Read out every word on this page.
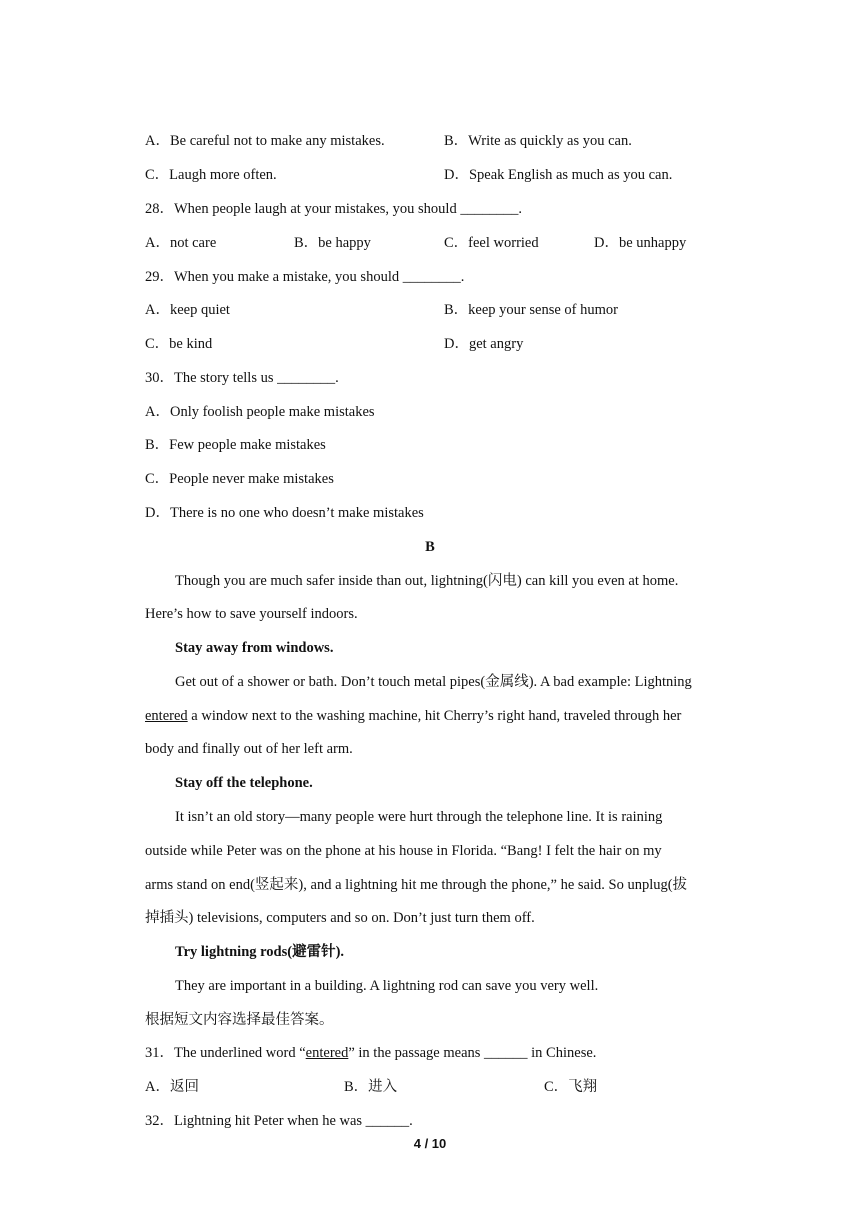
A．Be careful not to make any mistakes.	B．Write as quickly as you can.
C．Laugh more often.	D．Speak English as much as you can.
28．When people laugh at your mistakes, you should ________.
A．not care	B．be happy	C．feel worried	D．be unhappy
29．When you make a mistake, you should ________.
A．keep quiet	B．keep your sense of humor
C．be kind	D．get angry
30．The story tells us ________.
A．Only foolish people make mistakes
B．Few people make mistakes
C．People never make mistakes
D．There is no one who doesn’t make mistakes
B
Though you are much safer inside than out, lightning(闪电) can kill you even at home.
Here’s how to save yourself indoors.
Stay away from windows.
Get out of a shower or bath. Don’t touch metal pipes(金属线). A bad example: Lightning
entered a window next to the washing machine, hit Cherry’s right hand, traveled through her
body and finally out of her left arm.
Stay off the telephone.
It isn’t an old story—many people were hurt through the telephone line. It is raining
outside while Peter was on the phone at his house in Florida. “Bang! I felt the hair on my
arms stand on end(竖起来), and a lightning hit me through the phone,” he said. So unplug(拔
掉插头) televisions, computers and so on. Don’t just turn them off.
Try lightning rods(避雷针).
They are important in a building. A lightning rod can save you very well.
根据短文内容选择最佳答案。
31．The underlined word “entered” in the passage means ______ in Chinese.
A．返回	B．进入	C．飞翔
32．Lightning hit Peter when he was ______.
4 / 10
